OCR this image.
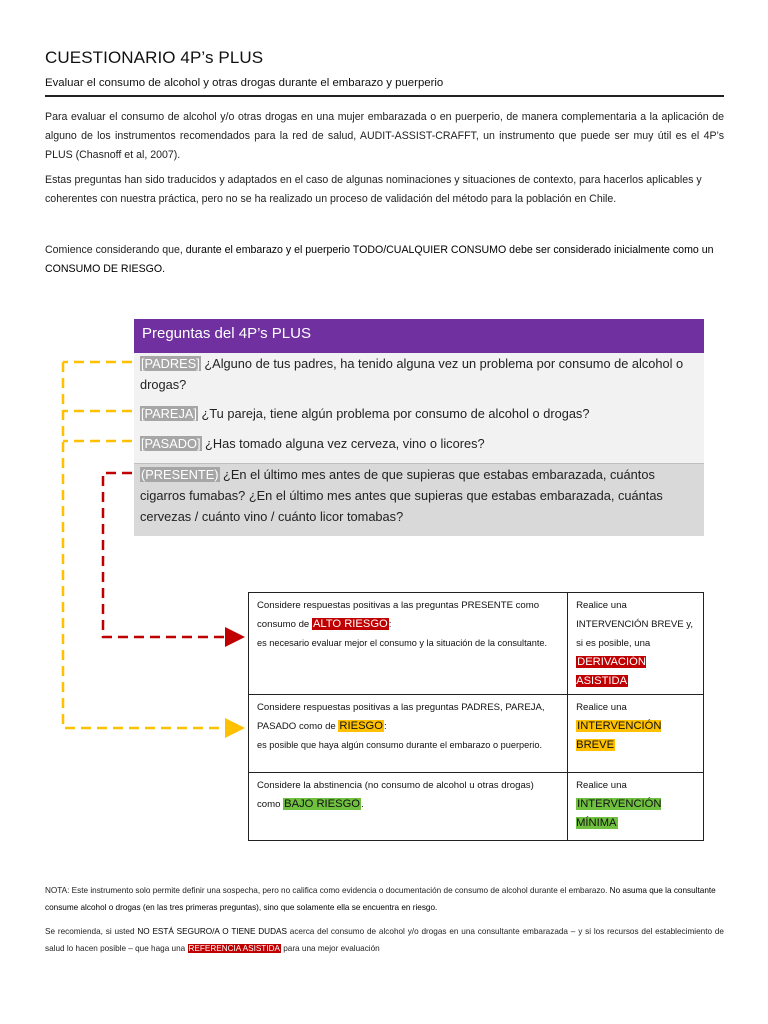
CUESTIONARIO 4P’s PLUS
Evaluar el consumo de alcohol y otras drogas durante el embarazo y puerperio

Para evaluar el consumo de alcohol y/o otras drogas en una mujer embarazada o en puerperio, de manera complementaria a la aplicación de alguno de los instrumentos recomendados para la red de salud, AUDIT-ASSIST-CRAFFT, un instrumento que puede ser muy útil es el 4P’s PLUS (Chasnoff et al, 2007).

Estas preguntas han sido traducidos y adaptados en el caso de algunas nominaciones y situaciones de contexto, para hacerlos aplicables y coherentes con nuestra práctica, pero no se ha realizado un proceso de validación del método para la población en Chile.

Comience considerando que, durante el embarazo y el puerperio TODO/CUALQUIER CONSUMO debe ser considerado inicialmente como un CONSUMO DE RIESGO.

Preguntas del 4P’s PLUS
[PADRES] ¿Alguno de tus padres, ha tenido alguna vez un problema por consumo de alcohol o drogas?
[PAREJA] ¿Tu pareja, tiene algún problema por consumo de alcohol o drogas?
[PASADO] ¿Has tomado alguna vez cerveza, vino o licores?
(PRESENTE) ¿En el último mes antes de que supieras que estabas embarazada, cuántos cigarros fumabas? ¿En el último mes antes que supieras que estabas embarazada, cuántas cervezas / cuánto vino / cuánto licor tomabas?
Considere respuestas positivas a las preguntas PRESENTE como consumo de ALTO RIESGO:
es necesario evaluar mejor el consumo y la situación de la consultante.	Realice una INTERVENCIÓN BREVE y, si es posible, una
DERIVACIÓN ASISTIDA
Considere respuestas positivas a las preguntas PADRES, PAREJA, PASADO como de RIESGO:
es posible que haya algún consumo durante el embarazo o puerperio.	Realice una
INTERVENCIÓN BREVE
Considere la abstinencia (no consumo de alcohol u otras drogas) como BAJO RIESGO.	Realice una
INTERVENCIÓN MÍNIMA

NOTA: Este instrumento solo permite definir una sospecha, pero no califica como evidencia o documentación de consumo de alcohol durante el embarazo. No asuma que la consultante consume alcohol o drogas (en las tres primeras preguntas), sino que solamente ella se encuentra en riesgo.

Se recomienda, si usted NO ESTÁ SEGURO/A O TIENE DUDAS acerca del consumo de alcohol y/o drogas en una consultante embarazada – y si los recursos del establecimiento de salud lo hacen posible – que haga una REFERENCIA ASISTIDA para una mejor evaluación
